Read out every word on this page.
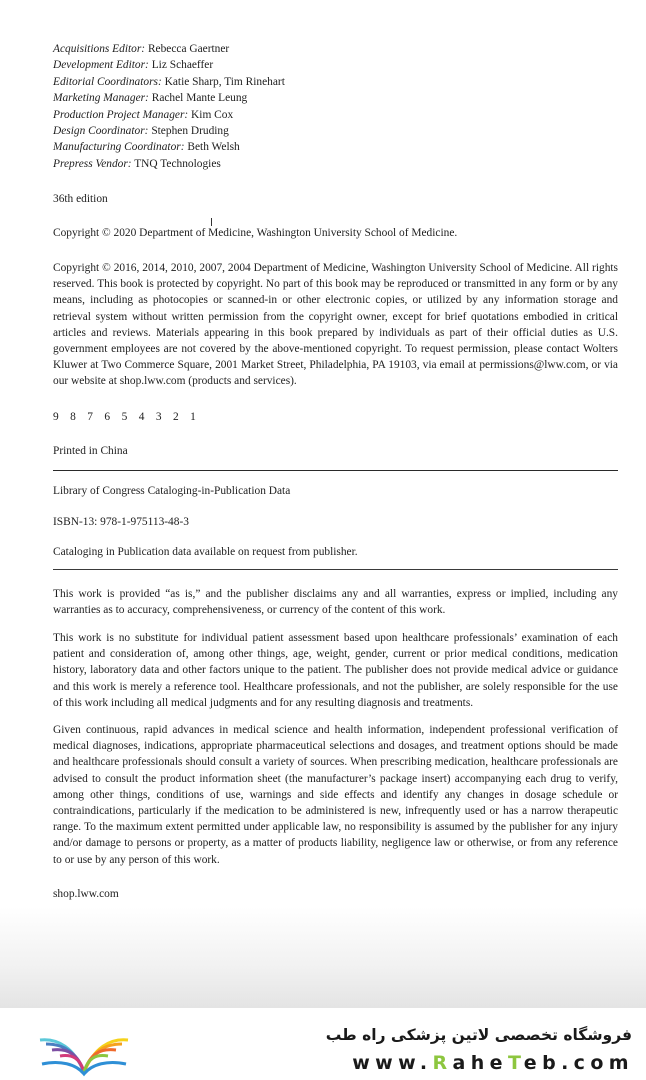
Acquisitions Editor: Rebecca Gaertner
Development Editor: Liz Schaeffer
Editorial Coordinators: Katie Sharp, Tim Rinehart
Marketing Manager: Rachel Mante Leung
Production Project Manager: Kim Cox
Design Coordinator: Stephen Druding
Manufacturing Coordinator: Beth Welsh
Prepress Vendor: TNQ Technologies
36th edition
Copyright © 2020 Department of Medicine, Washington University School of Medicine.
Copyright © 2016, 2014, 2010, 2007, 2004 Department of Medicine, Washington University School of Medicine. All rights reserved. This book is protected by copyright. No part of this book may be reproduced or transmitted in any form or by any means, including as photocopies or scanned-in or other electronic copies, or utilized by any information storage and retrieval system without written permission from the copyright owner, except for brief quotations embodied in critical articles and reviews. Materials appearing in this book prepared by individuals as part of their official duties as U.S. government employees are not covered by the above-mentioned copyright. To request permission, please contact Wolters Kluwer at Two Commerce Square, 2001 Market Street, Philadelphia, PA 19103, via email at permissions@lww.com, or via our website at shop.lww.com (products and services).
9 8 7 6 5 4 3 2 1
Printed in China
Library of Congress Cataloging-in-Publication Data
ISBN-13: 978-1-975113-48-3
Cataloging in Publication data available on request from publisher.
This work is provided “as is,” and the publisher disclaims any and all warranties, express or implied, including any warranties as to accuracy, comprehensiveness, or currency of the content of this work.
This work is no substitute for individual patient assessment based upon healthcare professionals’ examination of each patient and consideration of, among other things, age, weight, gender, current or prior medical conditions, medication history, laboratory data and other factors unique to the patient. The publisher does not provide medical advice or guidance and this work is merely a reference tool. Healthcare professionals, and not the publisher, are solely responsible for the use of this work including all medical judgments and for any resulting diagnosis and treatments.
Given continuous, rapid advances in medical science and health information, independent professional verification of medical diagnoses, indications, appropriate pharmaceutical selections and dosages, and treatment options should be made and healthcare professionals should consult a variety of sources. When prescribing medication, healthcare professionals are advised to consult the product information sheet (the manufacturer’s package insert) accompanying each drug to verify, among other things, conditions of use, warnings and side effects and identify any changes in dosage schedule or contraindications, particularly if the medication to be administered is new, infrequently used or has a narrow therapeutic range. To the maximum extent permitted under applicable law, no responsibility is assumed by the publisher for any injury and/or damage to persons or property, as a matter of products liability, negligence law or otherwise, or from any reference to or use by any person of this work.
shop.lww.com
فروشگاه تخصصی لاتین پزشکی راه طب
www.RaheTeb.com
